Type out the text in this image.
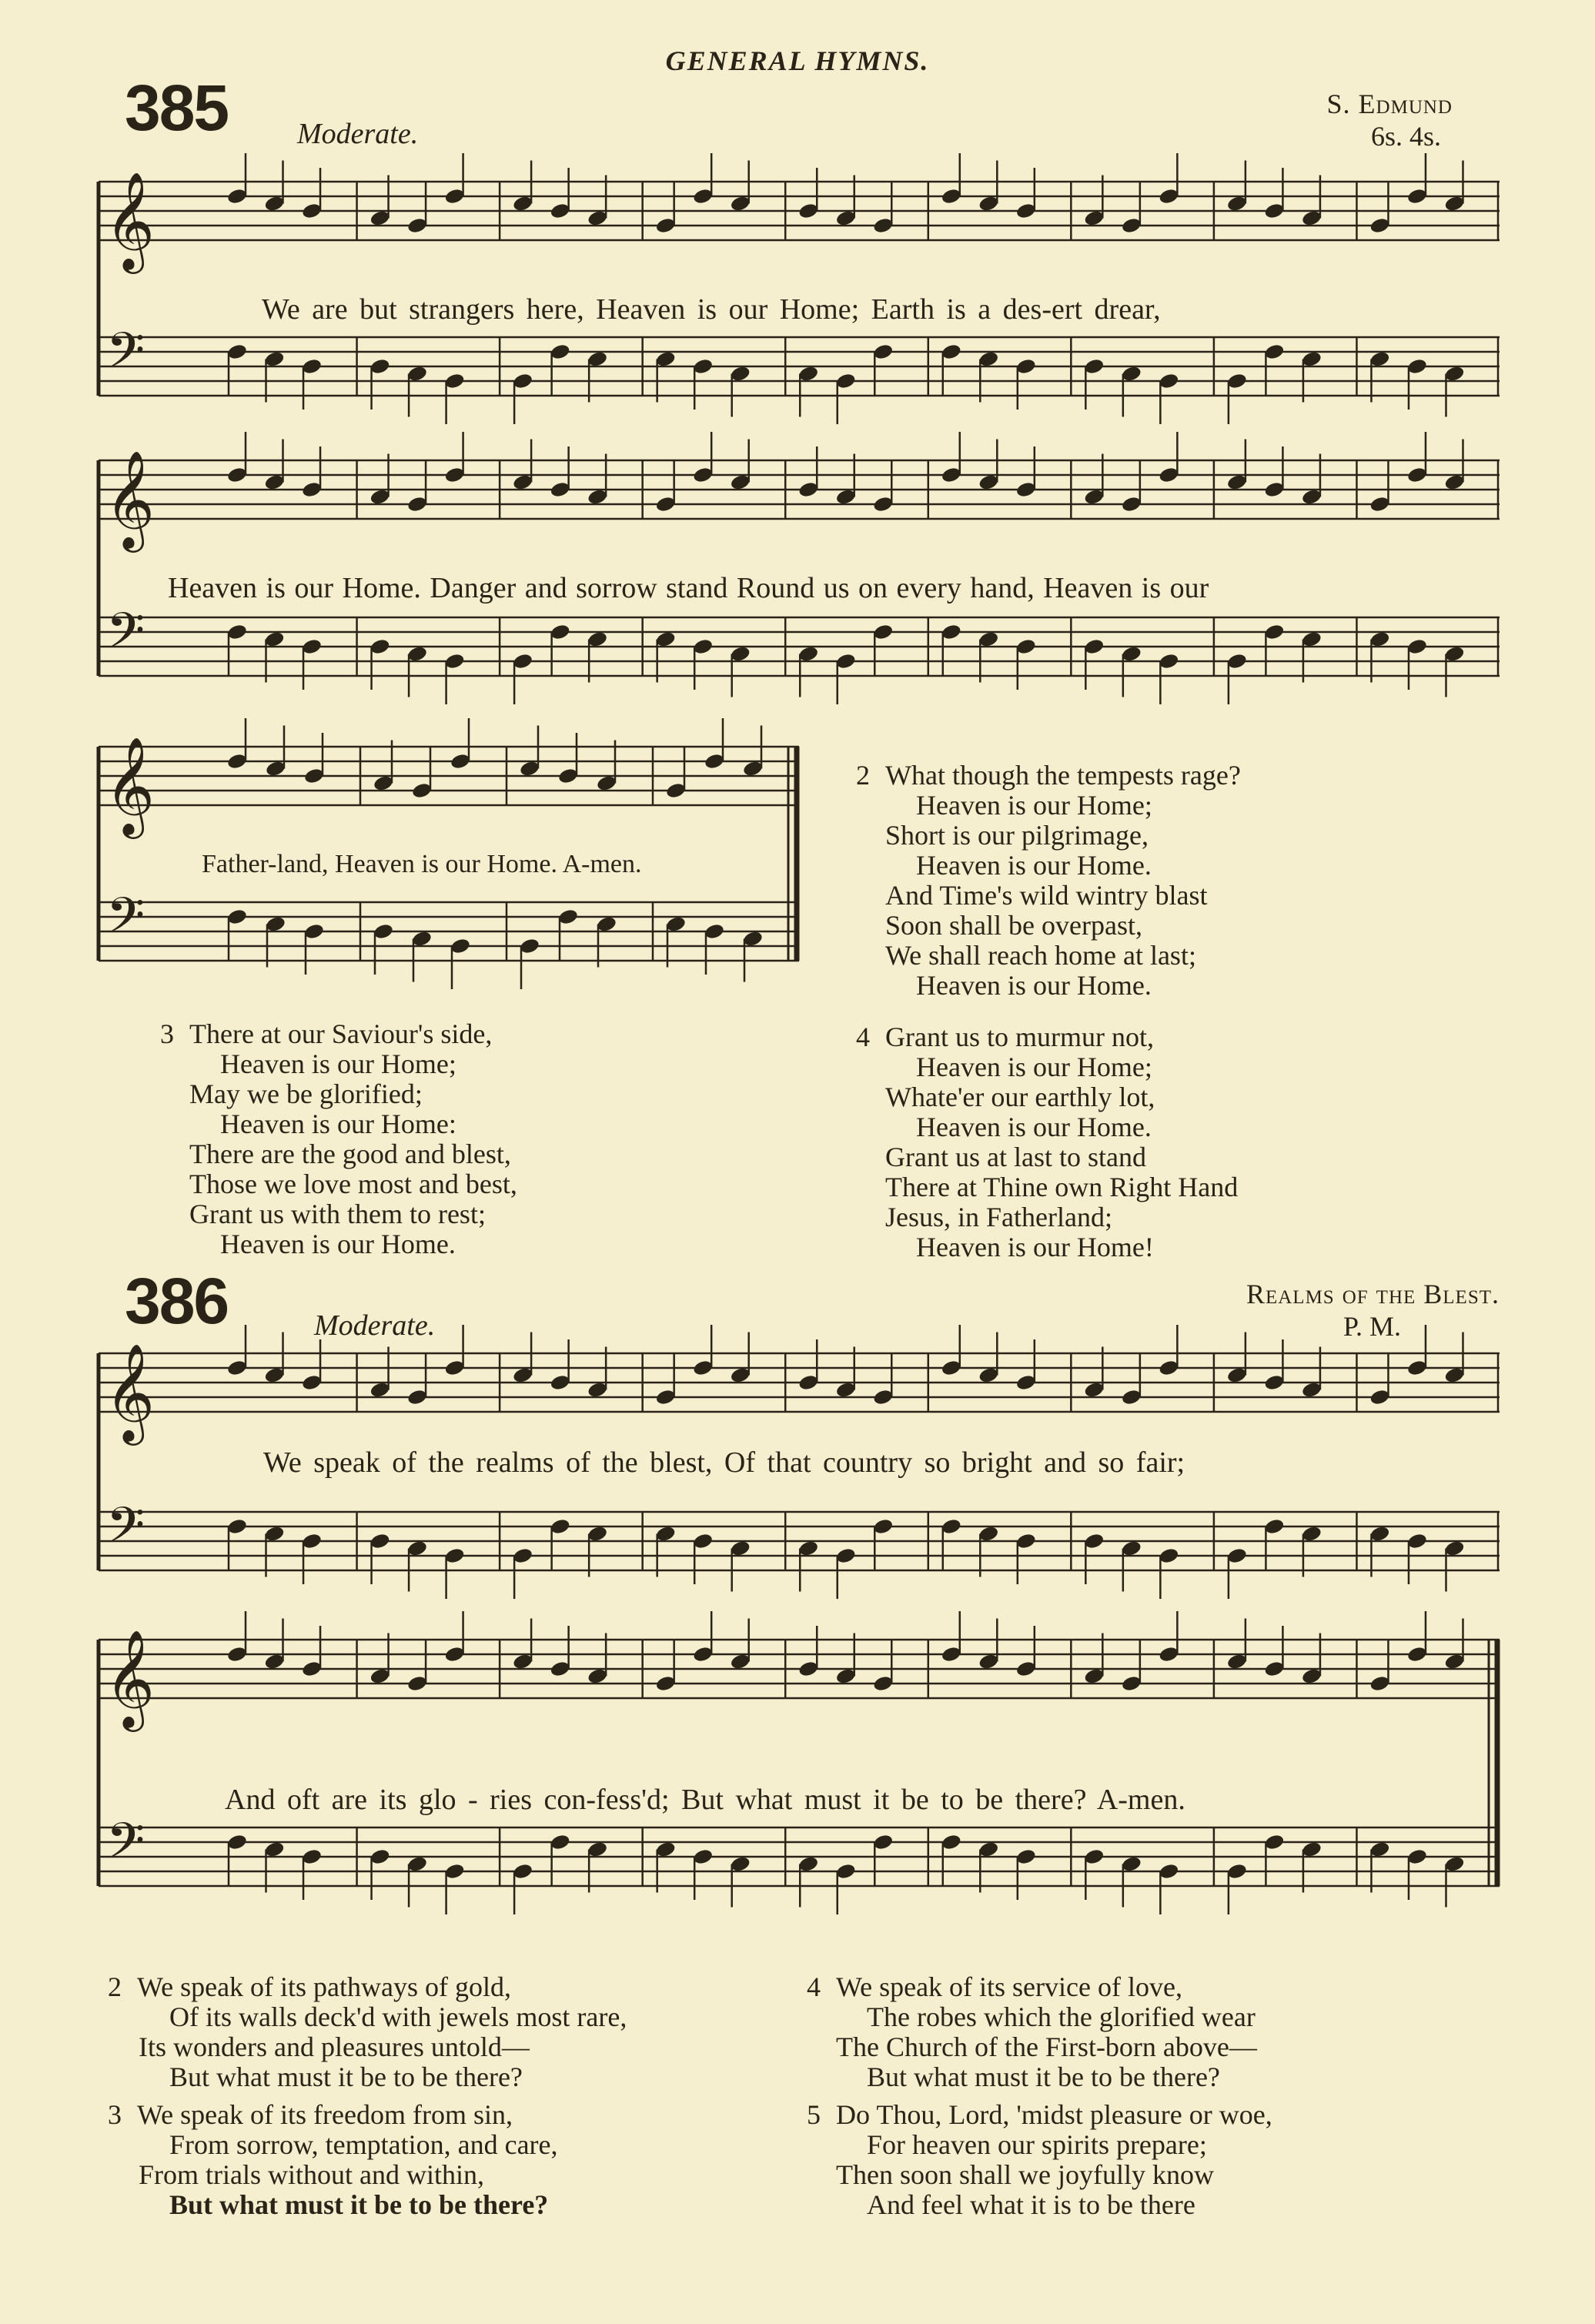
GENERAL HYMNS.
385 Moderate.
S. Edmund
6s. 4s.
𝄞
𝄢
We are but strangers here, Heaven is our Home; Earth is a des-ert drear,
𝄞
𝄢
Heaven is our Home. Danger and sorrow stand Round us on every hand, Heaven is our
𝄞
𝄢
Father-land, Heaven is our Home. A-men.
2 What though the tempests rage?
Heaven is our Home;
Short is our pilgrimage,
Heaven is our Home.
And Time's wild wintry blast
Soon shall be overpast,
We shall reach home at last;
Heaven is our Home.
3 There at our Saviour's side,
Heaven is our Home;
May we be glorified;
Heaven is our Home:
There are the good and blest,
Those we love most and best,
Grant us with them to rest;
Heaven is our Home.
4 Grant us to murmur not,
Heaven is our Home;
Whate'er our earthly lot,
Heaven is our Home.
Grant us at last to stand
There at Thine own Right Hand
Jesus, in Fatherland;
Heaven is our Home!
386	Moderate.
Realms of the Blest.
P. M.
𝄞
𝄢
We speak of the realms of the blest, Of that country so bright and so fair;
𝄞
𝄢
And oft are its glo - ries con-fess'd; But what must it be to be there? A-men.
2 We speak of its pathways of gold,
Of its walls deck'd with jewels most rare,
Its wonders and pleasures untold—
But what must it be to be there?
3 We speak of its freedom from sin,
From sorrow, temptation, and care,
From trials without and within,
But what must it be to be there?
4 We speak of its service of love,
The robes which the glorified wear
The Church of the First-born above—
But what must it be to be there?
5 Do Thou, Lord, 'midst pleasure or woe,
For heaven our spirits prepare;
Then soon shall we joyfully know
And feel what it is to be there
